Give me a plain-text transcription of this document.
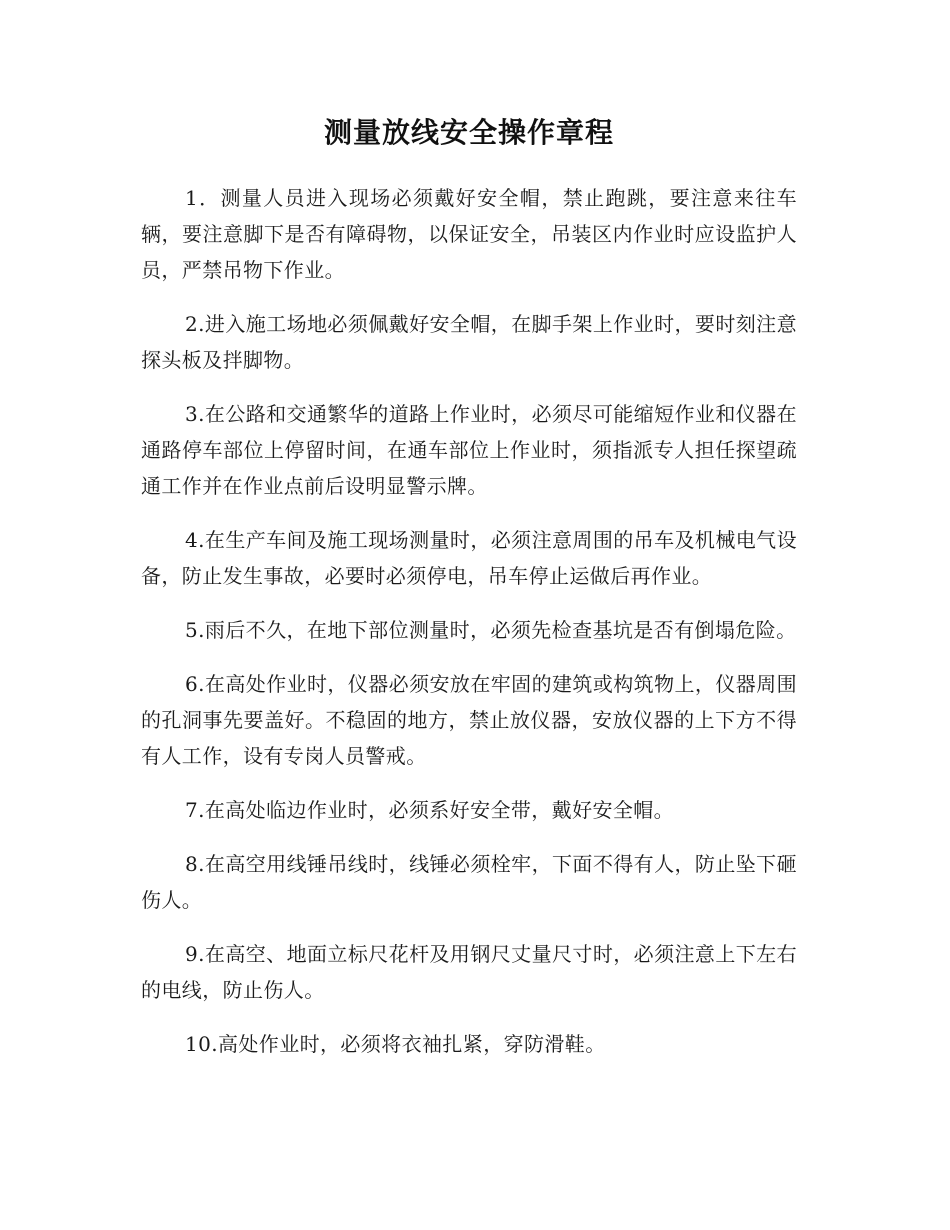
测量放线安全操作章程

1．测量人员进入现场必须戴好安全帽，禁止跑跳，要注意来往车辆，要注意脚下是否有障碍物，以保证安全，吊装区内作业时应设监护人员，严禁吊物下作业。

2.进入施工场地必须佩戴好安全帽，在脚手架上作业时，要时刻注意探头板及拌脚物。

3.在公路和交通繁华的道路上作业时，必须尽可能缩短作业和仪器在通路停车部位上停留时间，在通车部位上作业时，须指派专人担任探望疏通工作并在作业点前后设明显警示牌。

4.在生产车间及施工现场测量时，必须注意周围的吊车及机械电气设备，防止发生事故，必要时必须停电，吊车停止运做后再作业。

5.雨后不久，在地下部位测量时，必须先检查基坑是否有倒塌危险。

6.在高处作业时，仪器必须安放在牢固的建筑或构筑物上，仪器周围的孔洞事先要盖好。不稳固的地方，禁止放仪器，安放仪器的上下方不得有人工作，设有专岗人员警戒。

7.在高处临边作业时，必须系好安全带，戴好安全帽。

8.在高空用线锤吊线时，线锤必须栓牢，下面不得有人，防止坠下砸伤人。

9.在高空、地面立标尺花杆及用钢尺丈量尺寸时，必须注意上下左右的电线，防止伤人。

10.高处作业时，必须将衣袖扎紧，穿防滑鞋。
